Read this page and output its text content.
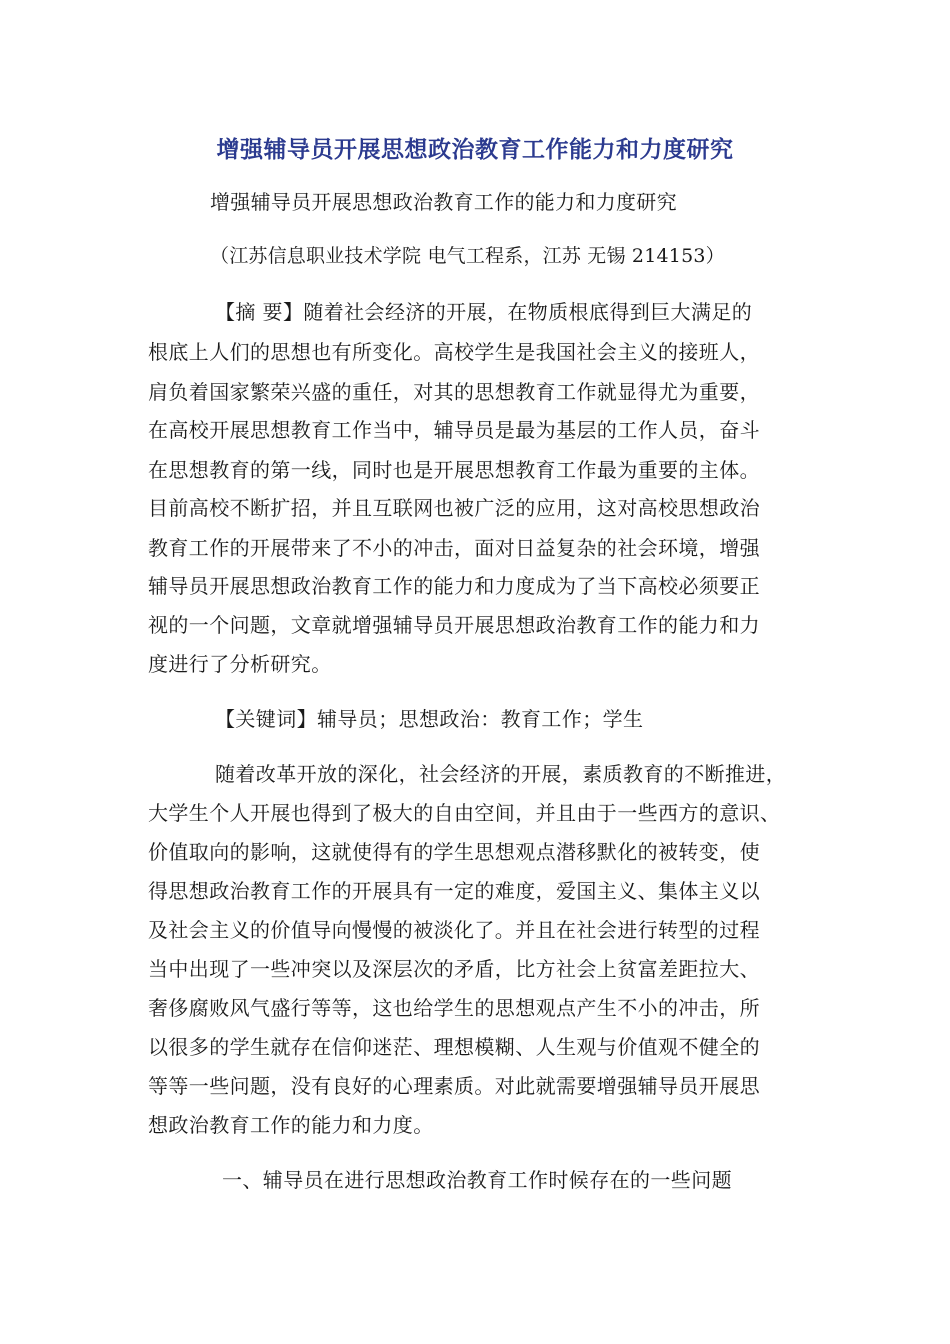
增强辅导员开展思想政治教育工作能力和力度研究
增强辅导员开展思想政治教育工作的能力和力度研究
（江苏信息职业技术学院 电气工程系，江苏 无锡 214153）
【摘 要】随着社会经济的开展，在物质根底得到巨大满足的
根底上人们的思想也有所变化。高校学生是我国社会主义的接班人，
肩负着国家繁荣兴盛的重任，对其的思想教育工作就显得尤为重要，
在高校开展思想教育工作当中，辅导员是最为基层的工作人员，奋斗
在思想教育的第一线，同时也是开展思想教育工作最为重要的主体。
目前高校不断扩招，并且互联网也被广泛的应用，这对高校思想政治
教育工作的开展带来了不小的冲击，面对日益复杂的社会环境，增强
辅导员开展思想政治教育工作的能力和力度成为了当下高校必须要正
视的一个问题，文章就增强辅导员开展思想政治教育工作的能力和力
度进行了分析研究。
【关键词】辅导员；思想政治：教育工作；学生
随着改革开放的深化，社会经济的开展，素质教育的不断推进，
大学生个人开展也得到了极大的自由空间，并且由于一些西方的意识、
价值取向的影响，这就使得有的学生思想观点潜移默化的被转变，使
得思想政治教育工作的开展具有一定的难度，爱国主义、集体主义以
及社会主义的价值导向慢慢的被淡化了。并且在社会进行转型的过程
当中出现了一些冲突以及深层次的矛盾，比方社会上贫富差距拉大、
奢侈腐败风气盛行等等，这也给学生的思想观点产生不小的冲击，所
以很多的学生就存在信仰迷茫、理想模糊、人生观与价值观不健全的
等等一些问题，没有良好的心理素质。对此就需要增强辅导员开展思
想政治教育工作的能力和力度。
一、辅导员在进行思想政治教育工作时候存在的一些问题
